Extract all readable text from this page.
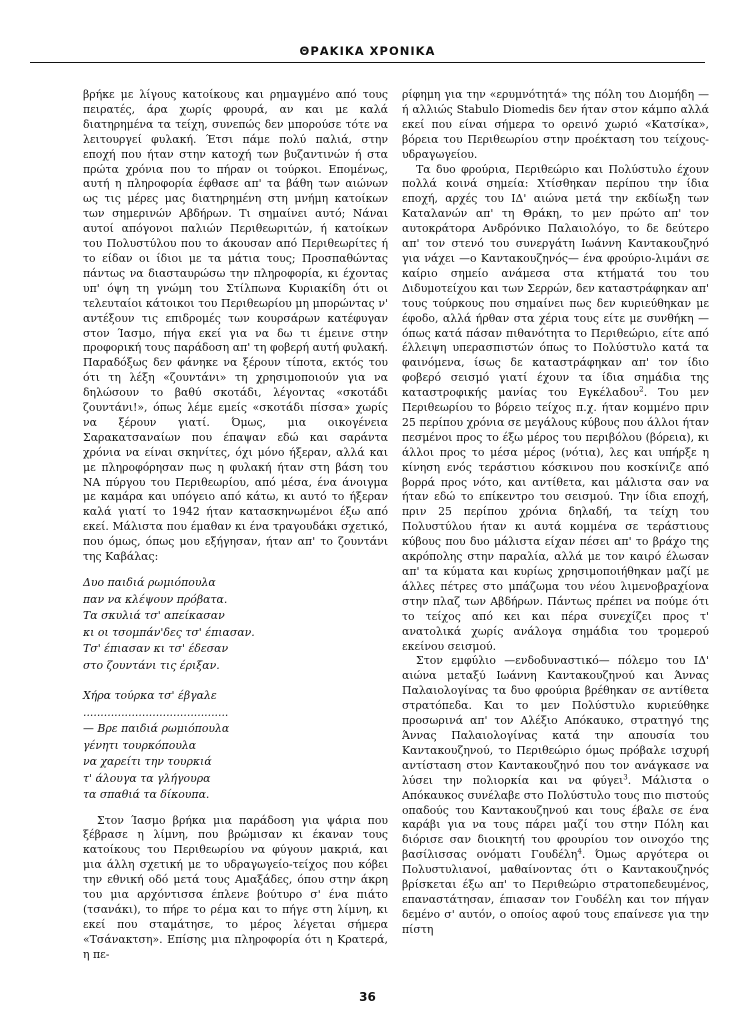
ΘΡΑΚΙΚΑ ΧΡΟΝΙΚΑ

βρήκε με λίγους κατοίκους και ρημαγμένο από τους πειρατές, άρα χωρίς φρουρά, αν και με καλά διατηρημένα τα τείχη, συνεπώς δεν μπορούσε τότε να λειτουργεί φυλακή. Έτσι πάμε πολύ παλιά, στην εποχή που ήταν στην κατοχή των βυζαντινών ή στα πρώτα χρόνια που το πήραν οι τούρκοι. Επομένως, αυτή η πληροφορία έφθασε απ' τα βάθη των αιώνων ως τις μέρες μας διατηρημένη στη μνήμη κατοίκων των σημερινών Αβδήρων. Τι σημαίνει αυτό; Νάναι αυτοί απόγονοι παλιών Περιθεωριτών, ή κατοίκων του Πολυστύλου που το άκουσαν από Περιθεωρίτες ή το είδαν οι ίδιοι με τα μάτια τους; Προσπαθώντας πάντως να διασταυρώσω την πληροφορία, κι έχοντας υπ' όψη τη γνώμη του Στίλπωνα Κυριακίδη ότι οι τελευταίοι κάτοικοι του Περιθεωρίου μη μπορώντας ν' αντέξουν τις επιδρομές των κουρσάρων κατέφυγαν στον Ίασμο, πήγα εκεί για να δω τι έμεινε στην προφορική τους παράδοση απ' τη φοβερή αυτή φυλακή. Παραδόξως δεν φάνηκε να ξέρουν τίποτα, εκτός του ότι τη λέξη «ζουντάνι» τη χρησιμοποιούν για να δηλώσουν το βαθύ σκοτάδι, λέγοντας «σκοτάδι ζουντάνι!», όπως λέμε εμείς «σκοτάδι πίσσα» χωρίς να ξέρουν γιατί. Όμως, μια οικογένεια Σαρακατσαναίων που έπαψαν εδώ και σαράντα χρόνια να είναι σκηνίτες, όχι μόνο ήξεραν, αλλά και με πληροφόρησαν πως η φυλακή ήταν στη βάση του ΝΑ πύργου του Περιθεωρίου, από μέσα, ένα άνοιγμα με καμάρα και υπόγειο από κάτω, κι αυτό το ήξεραν καλά γιατί το 1942 ήταν κατασκηνωμένοι έξω από εκεί. Μάλιστα που έμαθαν κι ένα τραγουδάκι σχετικό, που όμως, όπως μου εξήγησαν, ήταν απ' το ζουντάνι της Καβάλας:

Δυο παιδιά ρωμιόπουλα
παν να κλέψουν πρόβατα.
Τα σκυλιά τσ' απείκασαν
κι οι τσομπάν'δες τσ' έπιασαν.
Τσ' έπιασαν κι τσ' έδεσαν
στο ζουντάνι τις έριξαν.
Χήρα τούρκα τσ' έβγαλε
..........................................
— Βρε παιδιά ρωμιόπουλα
γένητι τουρκόπουλα
να χαρείτι την τουρκιά
τ' άλουγα τα γλήγουρα
τα σπαθιά τα δίκουπα.

Στον Ίασμο βρήκα μια παράδοση για ψάρια που ξέβρασε η λίμνη, που βρώμισαν κι έκαναν τους κατοίκους του Περιθεωρίου να φύγουν μακριά, και μια άλλη σχετική με το υδραγωγείο-τείχος που κόβει την εθνική οδό μετά τους Αμαξάδες, όπου στην άκρη του μια αρχόντισσα έπλενε βούτυρο σ' ένα πιάτο (τσανάκι), το πήρε το ρέμα και το πήγε στη λίμνη, κι εκεί που σταμάτησε, το μέρος λέγεται σήμερα «Τσάνακτση». Επίσης μια πληροφορία ότι η Κρατερά, η πε-

ρίφημη για την «ερυμνότητά» της πόλη του Διομήδη —ή αλλιώς Stabulo Diomedis δεν ήταν στον κάμπο αλλά εκεί που είναι σήμερα το ορεινό χωριό «Κατσίκα», βόρεια του Περιθεωρίου στην προέκταση του τείχους-υδραγωγείου.

Τα δυο φρούρια, Περιθεώριο και Πολύστυλο έχουν πολλά κοινά σημεία: Χτίσθηκαν περίπου την ίδια εποχή, αρχές του ΙΔ' αιώνα μετά την εκδίωξη των Καταλανών απ' τη Θράκη, το μεν πρώτο απ' τον αυτοκράτορα Ανδρόνικο Παλαιολόγο, το δε δεύτερο απ' τον στενό του συνεργάτη Ιωάννη Καντακουζηνό για νάχει —ο Καντακουζηνός— ένα φρούριο-λιμάνι σε καίριο σημείο ανάμεσα στα κτήματά του του Διδυμοτείχου και των Σερρών, δεν καταστράφηκαν απ' τους τούρκους που σημαίνει πως δεν κυριεύθηκαν με έφοδο, αλλά ήρθαν στα χέρια τους είτε με συνθήκη — όπως κατά πάσαν πιθανότητα το Περιθεώριο, είτε από έλλειψη υπερασπιστών όπως το Πολύστυλο κατά τα φαινόμενα, ίσως δε καταστράφηκαν απ' τον ίδιο φοβερό σεισμό γιατί έχουν τα ίδια σημάδια της καταστροφικής μανίας του Εγκέλαδου$^2$. Του μεν Περιθεωρίου το βόρειο τείχος π.χ. ήταν κομμένο πριν 25 περίπου χρόνια σε μεγάλους κύβους που άλλοι ήταν πεσμένοι προς το έξω μέρος του περιβόλου (βόρεια), κι άλλοι προς το μέσα μέρος (νότια), λες και υπήρξε η κίνηση ενός τεράστιου κόσκινου που κοσκίνιζε από βορρά προς νότο, και αντίθετα, και μάλιστα σαν να ήταν εδώ το επίκεντρο του σεισμού. Την ίδια εποχή, πριν 25 περίπου χρόνια δηλαδή, τα τείχη του Πολυστύλου ήταν κι αυτά κομμένα σε τεράστιους κύβους που δυο μάλιστα είχαν πέσει απ' το βράχο της ακρόπολης στην παραλία, αλλά με τον καιρό έλωσαν απ' τα κύματα και κυρίως χρησιμοποιήθηκαν μαζί με άλλες πέτρες στο μπάζωμα του νέου λιμενοβραχίονα στην πλαζ των Αβδήρων. Πάντως πρέπει να πούμε ότι το τείχος από κει και πέρα συνεχίζει προς τ' ανατολικά χωρίς ανάλογα σημάδια του τρομερού εκείνου σεισμού.

Στον εμφύλιο —ενδοδυναστικό— πόλεμο του ΙΔ' αιώνα μεταξύ Ιωάννη Καντακουζηνού και Άννας Παλαιολογίνας τα δυο φρούρια βρέθηκαν σε αντίθετα στρατόπεδα. Και το μεν Πολύστυλο κυριεύθηκε προσωρινά απ' τον Αλέξιο Απόκαυκο, στρατηγό της Άννας Παλαιολογίνας κατά την απουσία του Καντακουζηνού, το Περιθεώριο όμως πρόβαλε ισχυρή αντίσταση στον Καντακουζηνό που τον ανάγκασε να λύσει την πολιορκία και να φύγει$^3$. Μάλιστα ο Απόκαυκος συνέλαβε στο Πολύστυλο τους πιο πιστούς οπαδούς του Καντακουζηνού και τους έβαλε σε ένα καράβι για να τους πάρει μαζί του στην Πόλη και διόρισε σαν διοικητή του φρουρίου τον οινοχόο της βασίλισσας ονόματι Γουδέλη$^4$. Όμως αργότερα οι Πολυστυλιανοί, μαθαίνοντας ότι ο Καντακουζηνός βρίσκεται έξω απ' το Περιθεώριο στρατοπεδευμένος, επαναστάτησαν, έπιασαν τον Γουδέλη και τον πήγαν δεμένο σ' αυτόν, ο οποίος αφού τους επαίνεσε για την πίστη

36
